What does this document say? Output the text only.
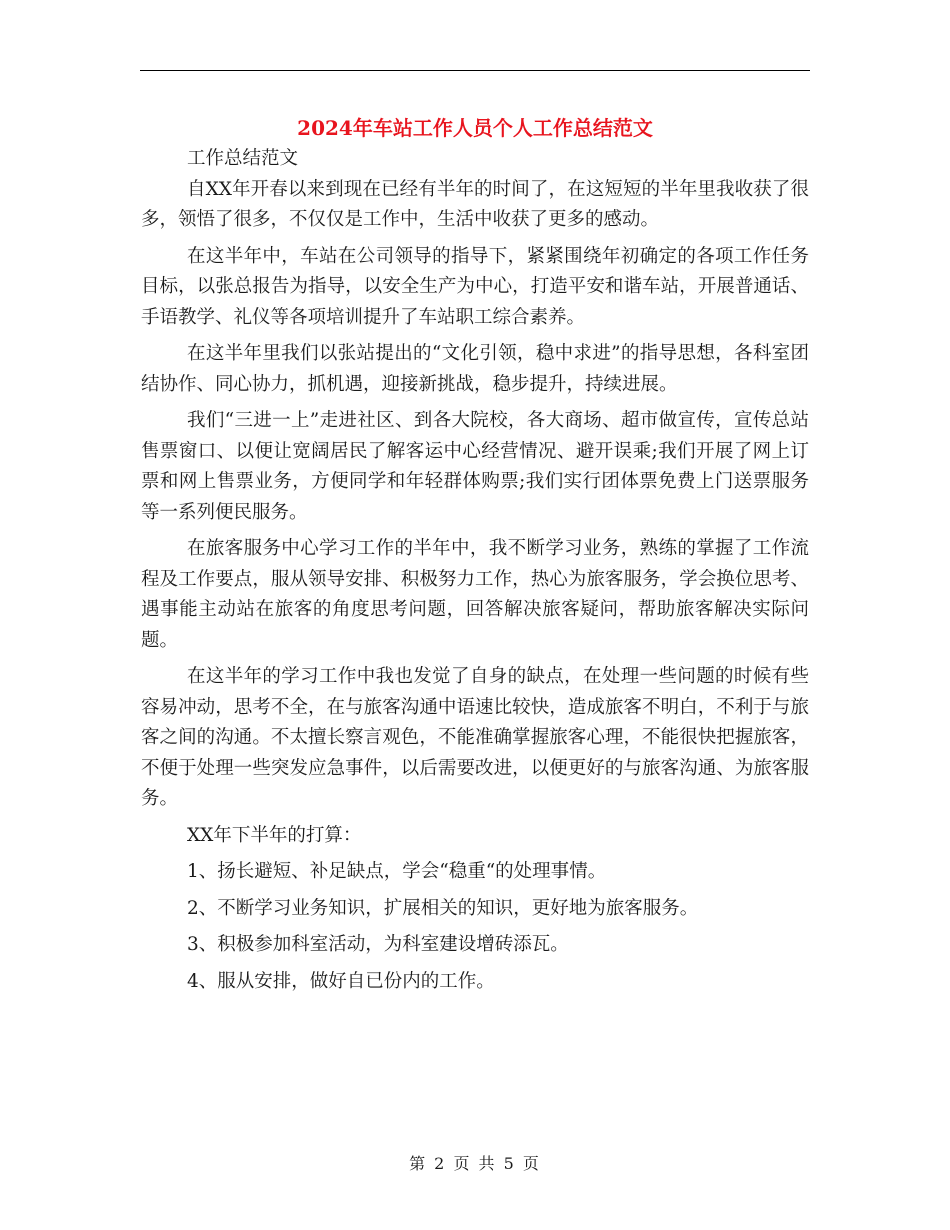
2024年车站工作人员个人工作总结范文

工作总结范文

自XX年开春以来到现在已经有半年的时间了，在这短短的半年里我收获了很多，领悟了很多，不仅仅是工作中，生活中收获了更多的感动。

在这半年中，车站在公司领导的指导下，紧紧围绕年初确定的各项工作任务目标，以张总报告为指导，以安全生产为中心，打造平安和谐车站，开展普通话、手语教学、礼仪等各项培训提升了车站职工综合素养。

在这半年里我们以张站提出的“文化引领，稳中求进”的指导思想，各科室团结协作、同心协力，抓机遇，迎接新挑战，稳步提升，持续进展。

我们“三进一上”走进社区、到各大院校，各大商场、超市做宣传，宣传总站售票窗口、以便让宽阔居民了解客运中心经营情况、避开误乘;我们开展了网上订票和网上售票业务，方便同学和年轻群体购票;我们实行团体票免费上门送票服务等一系列便民服务。

在旅客服务中心学习工作的半年中，我不断学习业务，熟练的掌握了工作流程及工作要点，服从领导安排、积极努力工作，热心为旅客服务，学会换位思考、遇事能主动站在旅客的角度思考问题，回答解决旅客疑问，帮助旅客解决实际问题。

在这半年的学习工作中我也发觉了自身的缺点，在处理一些问题的时候有些容易冲动，思考不全，在与旅客沟通中语速比较快，造成旅客不明白，不利于与旅客之间的沟通。不太擅长察言观色，不能准确掌握旅客心理，不能很快把握旅客，不便于处理一些突发应急事件，以后需要改进，以便更好的与旅客沟通、为旅客服务。

XX年下半年的打算：

1、扬长避短、补足缺点，学会“稳重“的处理事情。

2、不断学习业务知识，扩展相关的知识，更好地为旅客服务。

3、积极参加科室活动，为科室建设增砖添瓦。

4、服从安排，做好自已份内的工作。

第 2 页 共 5 页
